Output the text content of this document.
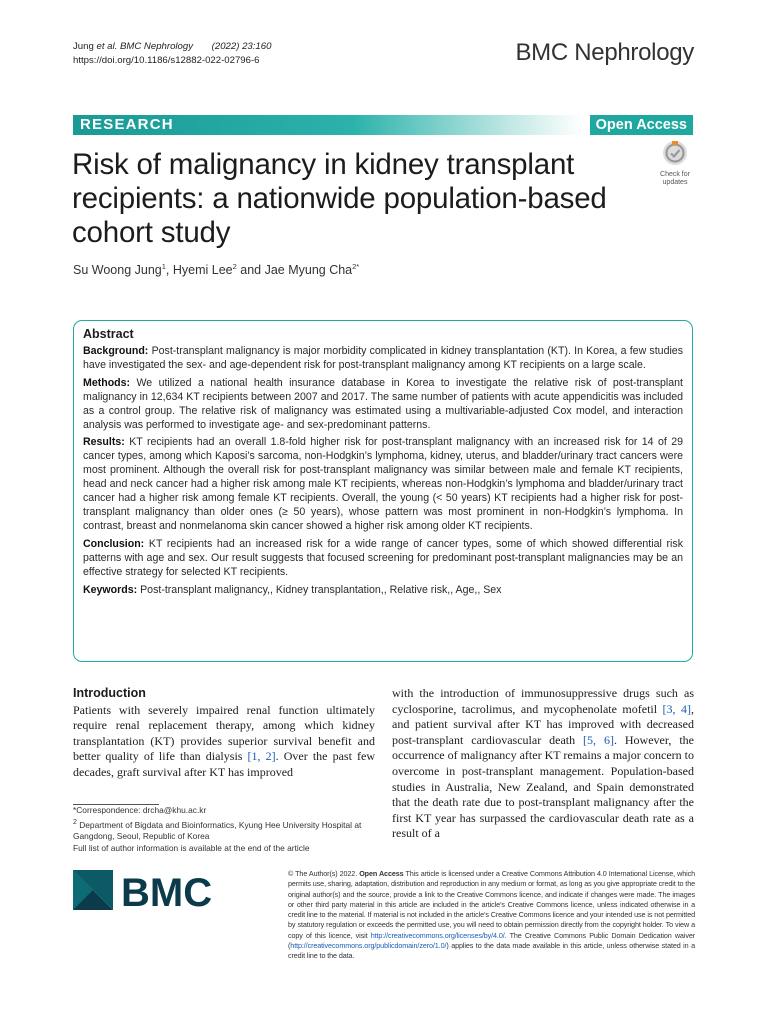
Jung et al. BMC Nephrology (2022) 23:160
https://doi.org/10.1186/s12882-022-02796-6	BMC Nephrology
RESEARCH	Open Access
Risk of malignancy in kidney transplant recipients: a nationwide population-based cohort study
Check for
updates
Su Woong Jung$^1$, Hyemi Lee$^2$ and Jae Myung Cha$^{2*}$
Abstract

Background: Post-transplant malignancy is major morbidity complicated in kidney transplantation (KT). In Korea, a few studies have investigated the sex- and age-dependent risk for post-transplant malignancy among KT recipients on a large scale.

Methods: We utilized a national health insurance database in Korea to investigate the relative risk of post-transplant malignancy in 12,634 KT recipients between 2007 and 2017. The same number of patients with acute appendicitis was included as a control group. The relative risk of malignancy was estimated using a multivariable-adjusted Cox model, and interaction analysis was performed to investigate age- and sex-predominant patterns.

Results: KT recipients had an overall 1.8-fold higher risk for post-transplant malignancy with an increased risk for 14 of 29 cancer types, among which Kaposi’s sarcoma, non-Hodgkin’s lymphoma, kidney, uterus, and bladder/urinary tract cancers were most prominent. Although the overall risk for post-transplant malignancy was similar between male and female KT recipients, head and neck cancer had a higher risk among male KT recipients, whereas non-Hodgkin’s lymphoma and bladder/urinary tract cancer had a higher risk among female KT recipients. Overall, the young (< 50 years) KT recipients had a higher risk for post-transplant malignancy than older ones (≥ 50 years), whose pattern was most prominent in non-Hodgkin’s lymphoma. In contrast, breast and nonmelanoma skin cancer showed a higher risk among older KT recipients.

Conclusion: KT recipients had an increased risk for a wide range of cancer types, some of which showed differential risk patterns with age and sex. Our result suggests that focused screening for predominant post-transplant malignancies may be an effective strategy for selected KT recipients.

Keywords: Post-transplant malignancy,, Kidney transplantation,, Relative risk,, Age,, Sex

Introduction
Patients with severely impaired renal function ultimately require renal replacement therapy, among which kidney transplantation (KT) provides superior survival benefit and better quality of life than dialysis [1, 2]. Over the past few decades, graft survival after KT has improved
with the introduction of immunosuppressive drugs such as cyclosporine, tacrolimus, and mycophenolate mofetil [3, 4], and patient survival after KT has improved with decreased post-transplant cardiovascular death [5, 6]. However, the occurrence of malignancy after KT remains a major concern to overcome in post-transplant management. Population-based studies in Australia, New Zealand, and Spain demonstrated that the death rate due to post-transplant malignancy after the first KT year has surpassed the cardiovascular death rate as a result of a
*Correspondence: drcha@khu.ac.kr
$^2$ Department of Bigdata and Bioinformatics, Kyung Hee University Hospital at Gangdong, Seoul, Republic of Korea
Full list of author information is available at the end of the article
BMC	© The Author(s) 2022. Open Access This article is licensed under a Creative Commons Attribution 4.0 International License, which permits use, sharing, adaptation, distribution and reproduction in any medium or format, as long as you give appropriate credit to the original author(s) and the source, provide a link to the Creative Commons licence, and indicate if changes were made. The images or other third party material in this article are included in the article’s Creative Commons licence, unless indicated otherwise in a credit line to the material. If material is not included in the article’s Creative Commons licence and your intended use is not permitted by statutory regulation or exceeds the permitted use, you will need to obtain permission directly from the copyright holder. To view a copy of this licence, visit http://creativecommons.org/licenses/by/4.0/. The Creative Commons Public Domain Dedication waiver (http://creativecommons.org/publicdomain/zero/1.0/) applies to the data made available in this article, unless otherwise stated in a credit line to the data.
